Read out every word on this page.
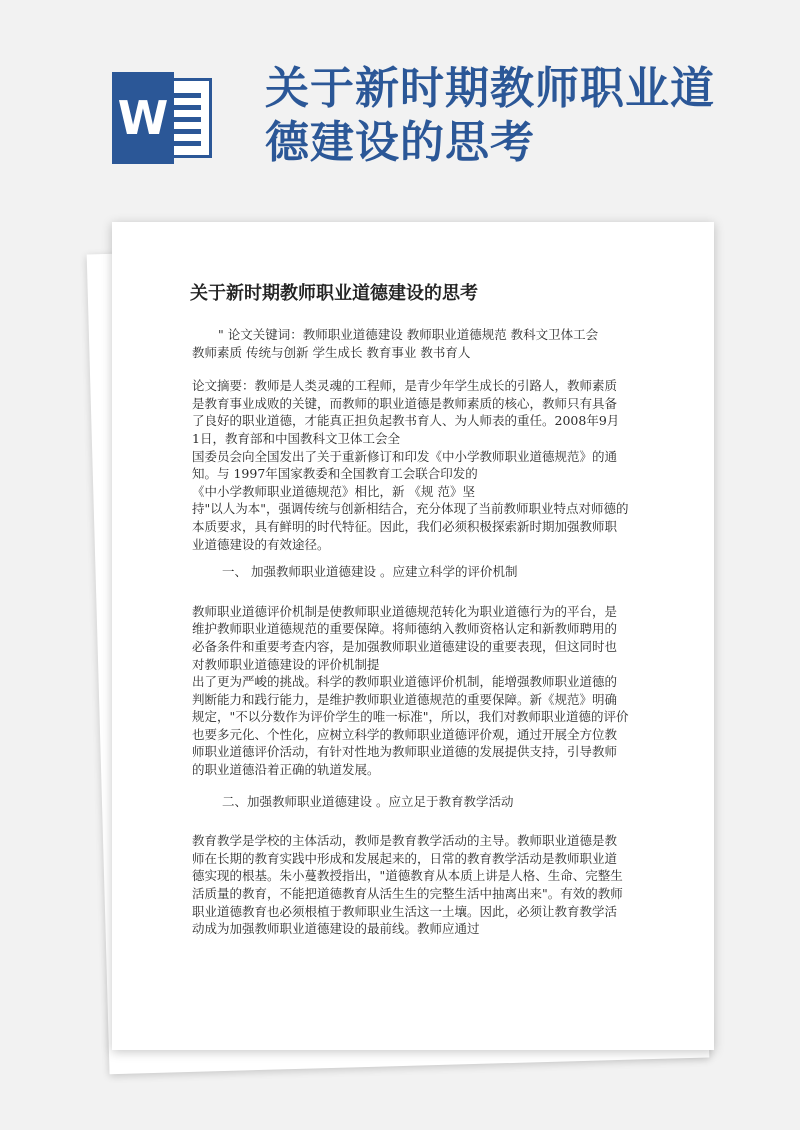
W
关于新时期教师职业道
德建设的思考
关于新时期教师职业道德建设的思考

" 论文关键词：教师职业道德建设 教师职业道德规范 教科文卫体工会

教师素质 传统与创新 学生成长 教育事业 教书育人

论文摘要：教师是人类灵魂的工程师，是青少年学生成长的引路人，教师素质

是教育事业成败的关键，而教师的职业道德是教师素质的核心，教师只有具备

了良好的职业道德，才能真正担负起教书育人、为人师表的重任。2008年9月

1日，教育部和中国教科文卫体工会全

国委员会向全国发出了关于重新修订和印发《中小学教师职业道德规范》的通

知。与 1997年国家教委和全国教育工会联合印发的

《中小学教师职业道德规范》相比，新 《规 范》坚

持"以人为本"，强调传统与创新相结合，充分体现了当前教师职业特点对师德的

本质要求，具有鲜明的时代特征。因此，我们必须积极探索新时期加强教师职

业道德建设的有效途径。

一、 加强教师职业道德建设 。应建立科学的评价机制

教师职业道德评价机制是使教师职业道德规范转化为职业道德行为的平台，是

维护教师职业道德规范的重要保障。将师德纳入教师资格认定和新教师聘用的

必备条件和重要考查内容，是加强教师职业道德建设的重要表现，但这同时也

对教师职业道德建设的评价机制提

出了更为严峻的挑战。科学的教师职业道德评价机制，能增强教师职业道德的

判断能力和践行能力，是维护教师职业道德规范的重要保障。新《规范》明确

规定，"不以分数作为评价学生的唯一标准"，所以，我们对教师职业道德的评价

也要多元化、个性化，应树立科学的教师职业道德评价观，通过开展全方位教

师职业道德评价活动，有针对性地为教师职业道德的发展提供支持，引导教师

的职业道德沿着正确的轨道发展。

二、加强教师职业道德建设 。应立足于教育教学活动

教育教学是学校的主体活动，教师是教育教学活动的主导。教师职业道德是教

师在长期的教育实践中形成和发展起来的，日常的教育教学活动是教师职业道

德实现的根基。朱小蔓教授指出，"道德教育从本质上讲是人格、生命、完整生

活质量的教育，不能把道德教育从活生生的完整生活中抽离出来"。有效的教师

职业道德教育也必须根植于教师职业生活这一土壤。因此，必须让教育教学活

动成为加强教师职业道德建设的最前线。教师应通过
